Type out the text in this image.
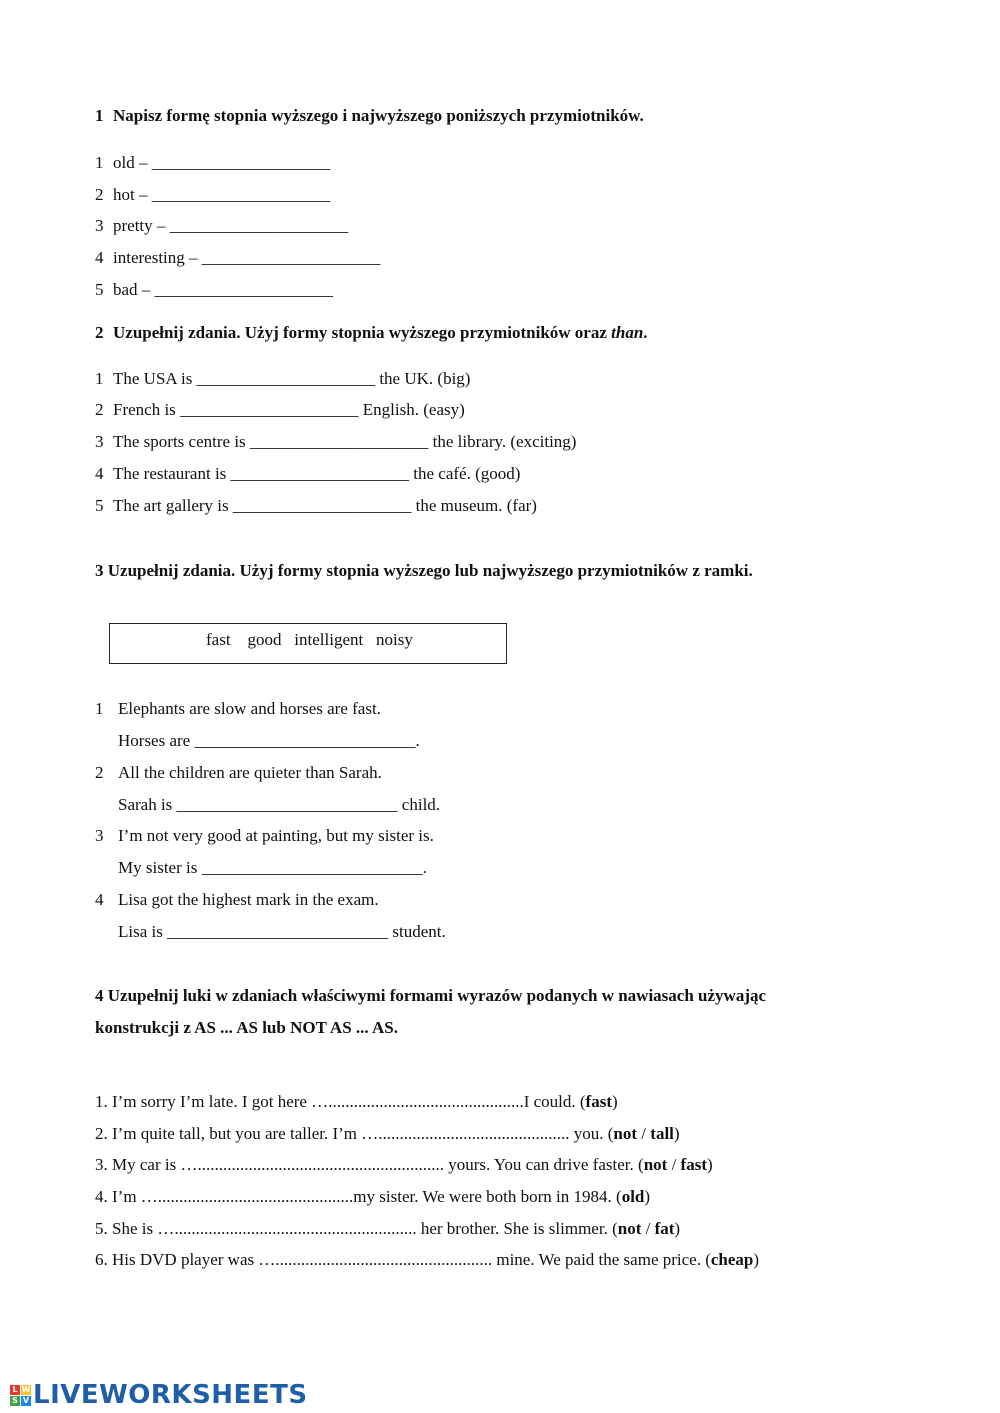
1 Napisz formę stopnia wyższego i najwyższego poniższych przymiotników.
1 old – _____________________
2 hot – _____________________
3 pretty – _____________________
4 interesting – _____________________
5 bad – _____________________
2 Uzupełnij zdania. Użyj formy stopnia wyższego przymiotników oraz than.
1 The USA is _____________________ the UK. (big)
2 French is _____________________ English. (easy)
3 The sports centre is _____________________ the library. (exciting)
4 The restaurant is _____________________ the café. (good)
5 The art gallery is _____________________ the museum. (far)
3 Uzupełnij zdania. Użyj formy stopnia wyższego lub najwyższego przymiotników z ramki.
fast    good   intelligent   noisy
1 Elephants are slow and horses are fast.
Horses are __________________________.
2 All the children are quieter than Sarah.
Sarah is __________________________ child.
3 I’m not very good at painting, but my sister is.
My sister is __________________________.
4 Lisa got the highest mark in the exam.
Lisa is __________________________ student.
4 Uzupełnij luki w zdaniach właściwymi formami wyrazów podanych w nawiasach używając
konstrukcji z AS ... AS lub NOT AS ... AS.
1. I’m sorry I’m late. I got here …..............................................I could. (fast)
2. I’m quite tall, but you are taller. I’m …............................................. you. (not / tall)
3. My car is ….......................................................... yours. You can drive faster. (not / fast)
4. I’m …..............................................my sister. We were both born in 1984. (old)
5. She is …......................................................... her brother. She is slimmer. (not / fat)
6. His DVD player was …................................................... mine. We paid the same price. (cheap)
L W
S V LIVEWORKSHEETS
